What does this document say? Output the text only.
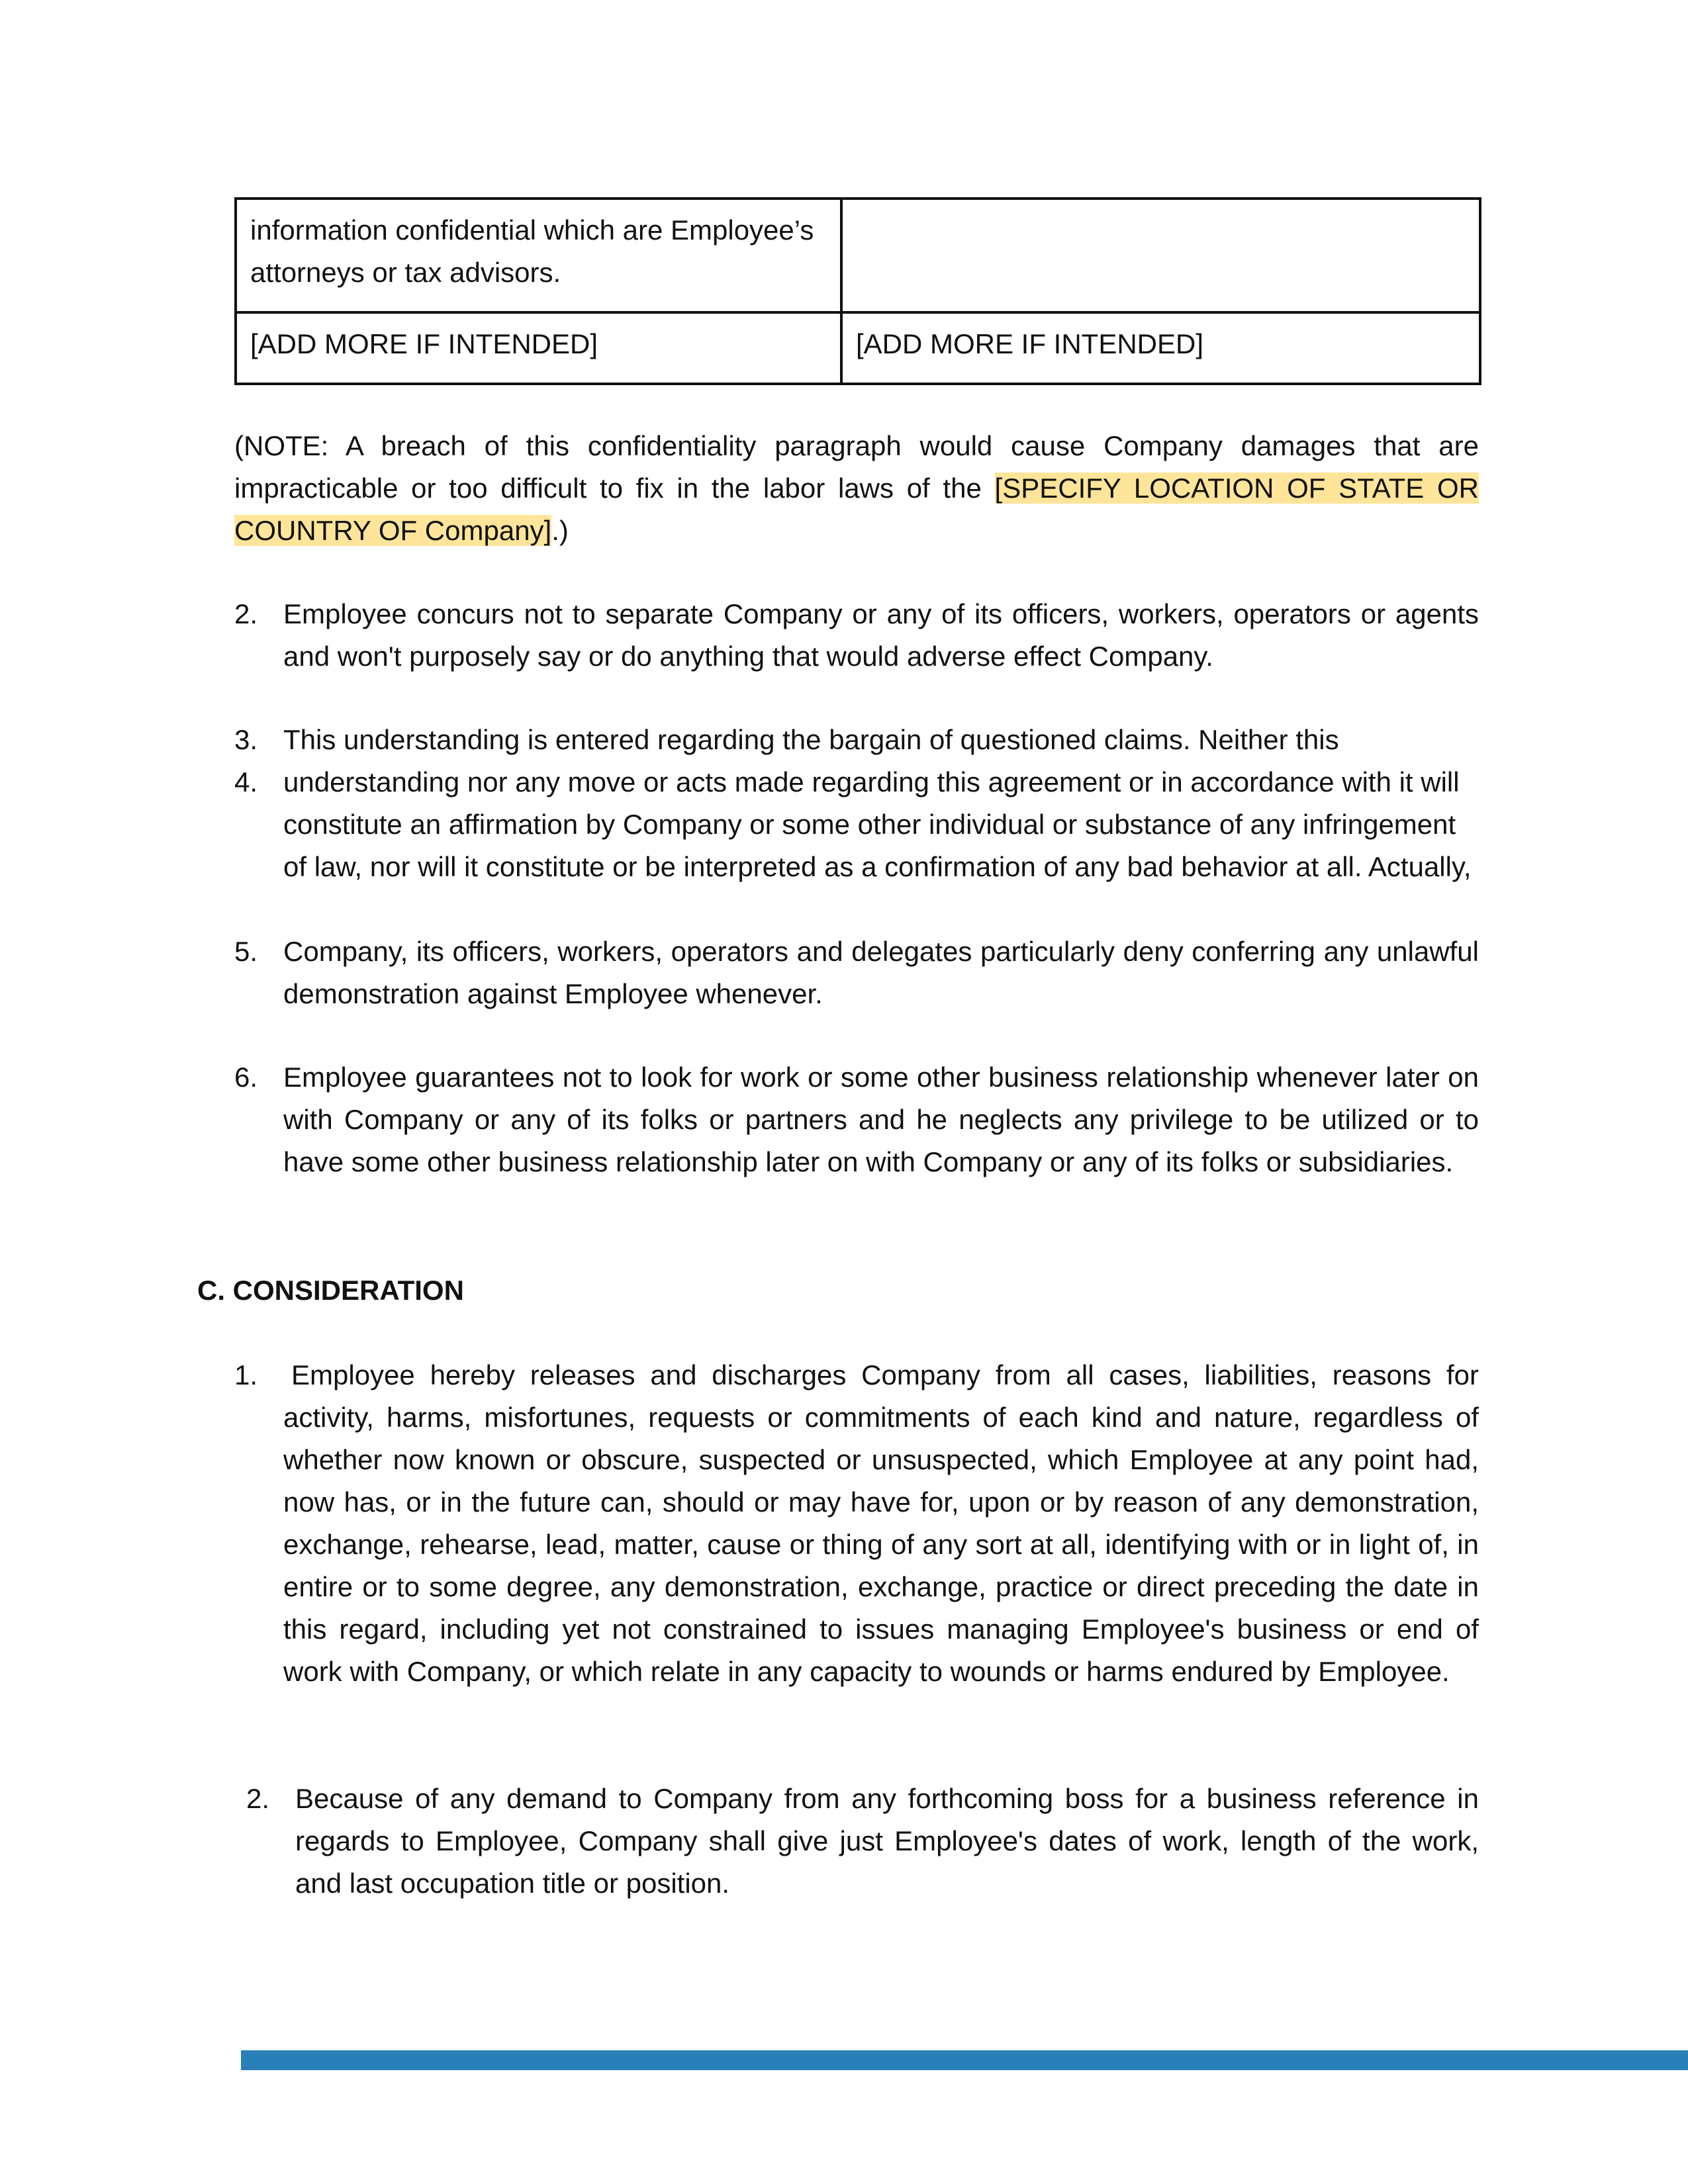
information confidential which are Employee’s attorneys or tax advisors.	
[ADD MORE IF INTENDED]	[ADD MORE IF INTENDED]
(NOTE: A breach of this confidentiality paragraph would cause Company damages that are impracticable or too difficult to fix in the labor laws of the [SPECIFY LOCATION OF STATE OR COUNTRY OF Company].)
2. Employee concurs not to separate Company or any of its officers, workers, operators or agents and won't purposely say or do anything that would adverse effect Company.
3. This understanding is entered regarding the bargain of questioned claims. Neither this
4. understanding nor any move or acts made regarding this agreement or in accordance with it will constitute an affirmation by Company or some other individual or substance of any infringement of law, nor will it constitute or be interpreted as a confirmation of any bad behavior at all. Actually,
5. Company, its officers, workers, operators and delegates particularly deny conferring any unlawful demonstration against Employee whenever.
6. Employee guarantees not to look for work or some other business relationship whenever later on with Company or any of its folks or partners and he neglects any privilege to be utilized or to have some other business relationship later on with Company or any of its folks or subsidiaries.
C. CONSIDERATION
1. Employee hereby releases and discharges Company from all cases, liabilities, reasons for activity, harms, misfortunes, requests or commitments of each kind and nature, regardless of whether now known or obscure, suspected or unsuspected, which Employee at any point had, now has, or in the future can, should or may have for, upon or by reason of any demonstration, exchange, rehearse, lead, matter, cause or thing of any sort at all, identifying with or in light of, in entire or to some degree, any demonstration, exchange, practice or direct preceding the date in this regard, including yet not constrained to issues managing Employee's business or end of work with Company, or which relate in any capacity to wounds or harms endured by Employee.
2. Because of any demand to Company from any forthcoming boss for a business reference in regards to Employee, Company shall give just Employee's dates of work, length of the work, and last occupation title or position.
